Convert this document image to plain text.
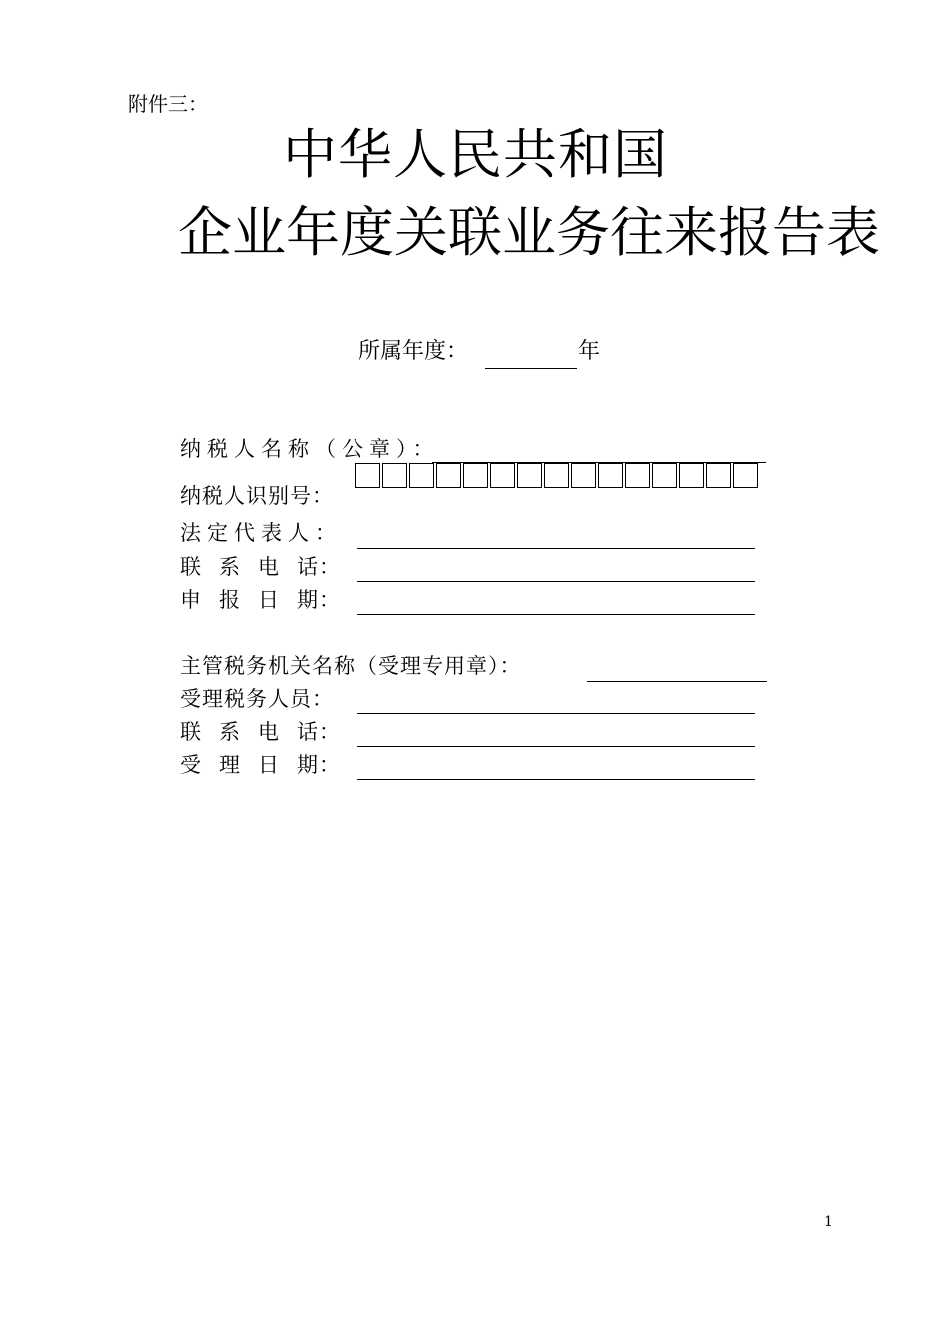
附件三：
中华人民共和国
企业年度关联业务往来报告表
所属年度：	年
纳税人名称（公章）：
纳税人识别号：
法定代表人：
联系电话：
申报日期：
主管税务机关名称（受理专用章）：
受理税务人员：
联系电话：
受理日期：
1
